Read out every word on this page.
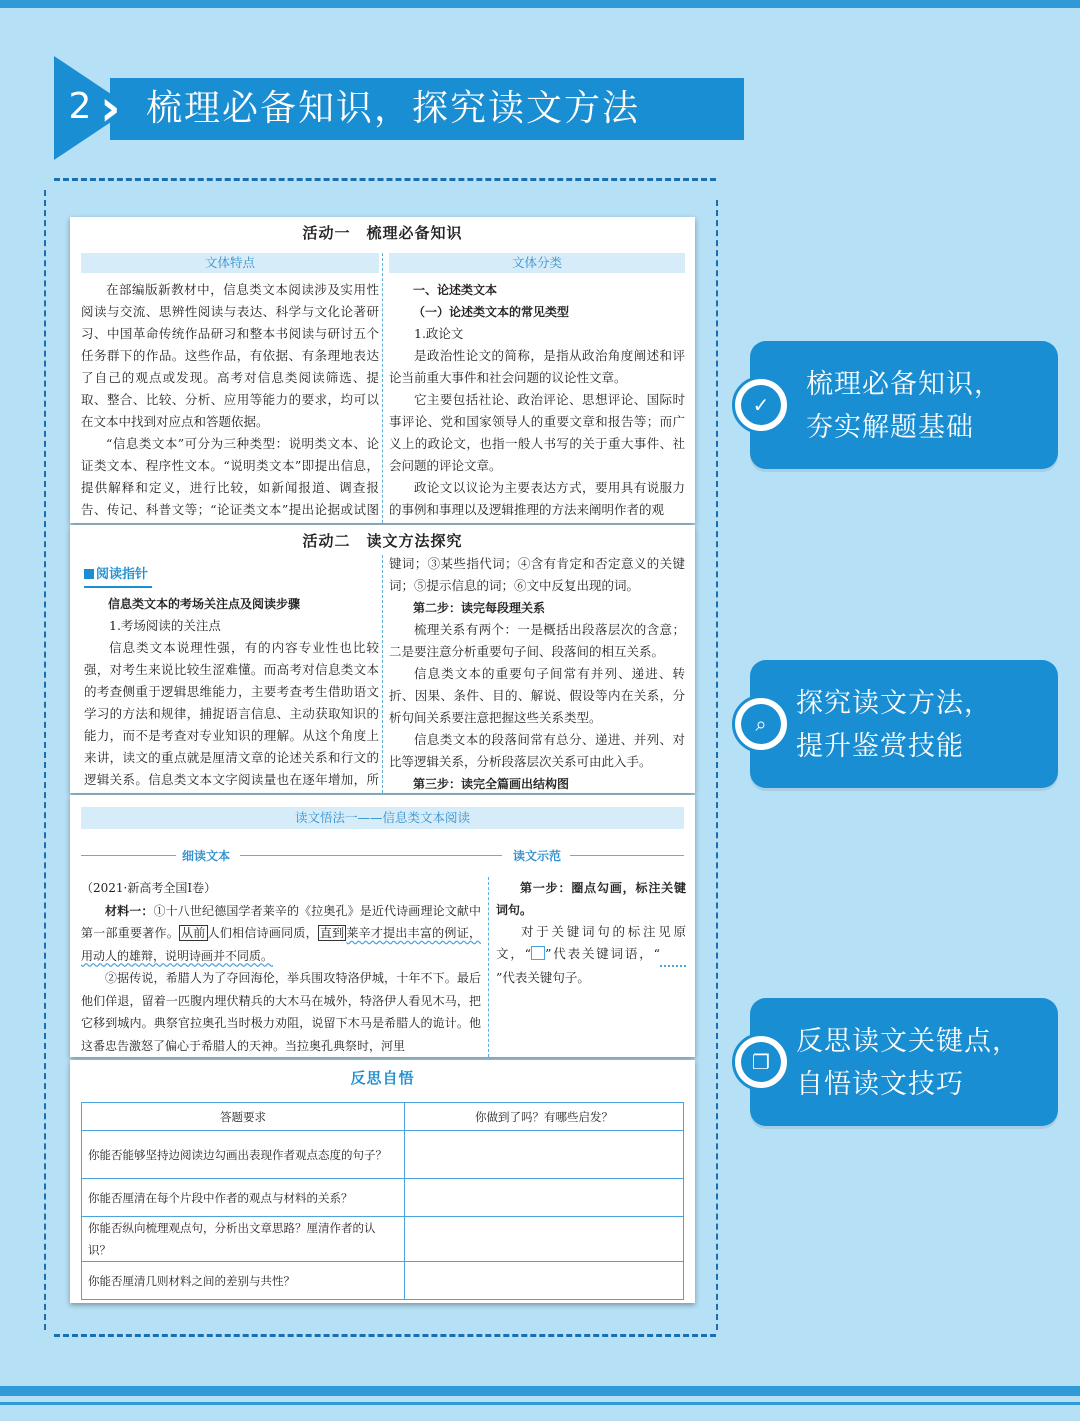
2 › 梳理必备知识，探究读文方法
活动一　梳理必备知识
文体特点

在部编版新教材中，信息类文本阅读涉及实用性阅读与交流、思辨性阅读与表达、科学与文化论著研习、中国革命传统作品研习和整本书阅读与研讨五个任务群下的作品。这些作品，有依据、有条理地表达了自己的观点或发现。高考对信息类阅读筛选、提取、整合、比较、分析、应用等能力的要求，均可以在文本中找到对应点和答题依据。

“信息类文本”可分为三种类型：说明类文本、论证类文本、程序性文本。“说明类文本”即提出信息，提供解释和定义，进行比较，如新闻报道、调查报告、传记、科普文等；“论证类文本”提出论据或试图

文体分类

一、论述类文本

（一）论述类文本的常见类型

1.政论文

是政治性论文的简称，是指从政治角度阐述和评论当前重大事件和社会问题的议论性文章。

它主要包括社论、政治评论、思想评论、国际时事评论、党和国家领导人的重要文章和报告等；而广义上的政论文，也指一般人书写的关于重大事件、社会问题的评论文章。

政论文以议论为主要表达方式，要用具有说服力的事例和事理以及逻辑推理的方法来阐明作者的观

活动二　读文方法探究
阅读指针

信息类文本的考场关注点及阅读步骤

1.考场阅读的关注点

信息类文本说理性强，有的内容专业性也比较强，对考生来说比较生涩难懂。而高考对信息类文本的考查侧重于逻辑思维能力，主要考查考生借助语文学习的方法和规律，捕捉语言信息、主动获取知识的能力，而不是考查对专业知识的理解。从这个角度上来讲，读文的重点就是厘清文章的论述关系和行文的逻辑关系。信息类文本文字阅读量也在逐年增加，所

键词；③某些指代词；④含有肯定和否定意义的关键词；⑤提示信息的词；⑥文中反复出现的词。

第二步：读完每段理关系

梳理关系有两个：一是概括出段落层次的含意；二是要注意分析重要句子间、段落间的相互关系。

信息类文本的重要句子间常有并列、递进、转折、因果、条件、目的、解说、假设等内在关系，分析句间关系要注意把握这些关系类型。

信息类文本的段落间常有总分、递进、并列、对比等逻辑关系，分析段落层次关系可由此入手。

第三步：读完全篇画出结构图

读文悟法一——信息类文本阅读
细读文本	读文示范

（2021·新高考全国Ⅰ卷）

材料一：①十八世纪德国学者莱辛的《拉奥孔》是近代诗画理论文献中第一部重要著作。 从前 人们相信诗画同质， 直到 莱辛才提出丰富的例证，用动人的雄辩，说明诗画并不同质。

②据传说，希腊人为了夺回海伦，举兵围攻特洛伊城，十年不下。最后他们佯退，留着一匹腹内埋伏精兵的大木马在城外，特洛伊人看见木马，把它移到城内。典祭官拉奥孔当时极力劝阻，说留下木马是希腊人的诡计。他这番忠告激怒了偏心于希腊人的天神。当拉奥孔典祭时，河里

第一步：圈点勾画，标注关键词句。

对于关键词句的标注见原文，“ ”代表关键词语，“ ”代表关键句子。

反思自悟
答题要求	你做到了吗？有哪些启发？
你能否能够坚持边阅读边勾画出表现作者观点态度的句子？	
你能否厘清在每个片段中作者的观点与材料的关系？	
你能否纵向梳理观点句，分析出文章思路？厘清作者的认识？	
你能否厘清几则材料之间的差别与共性？	
✓
梳理必备知识，
夯实解题基础
⌕
探究读文方法，
提升鉴赏技能
❐
反思读文关键点，
自悟读文技巧
